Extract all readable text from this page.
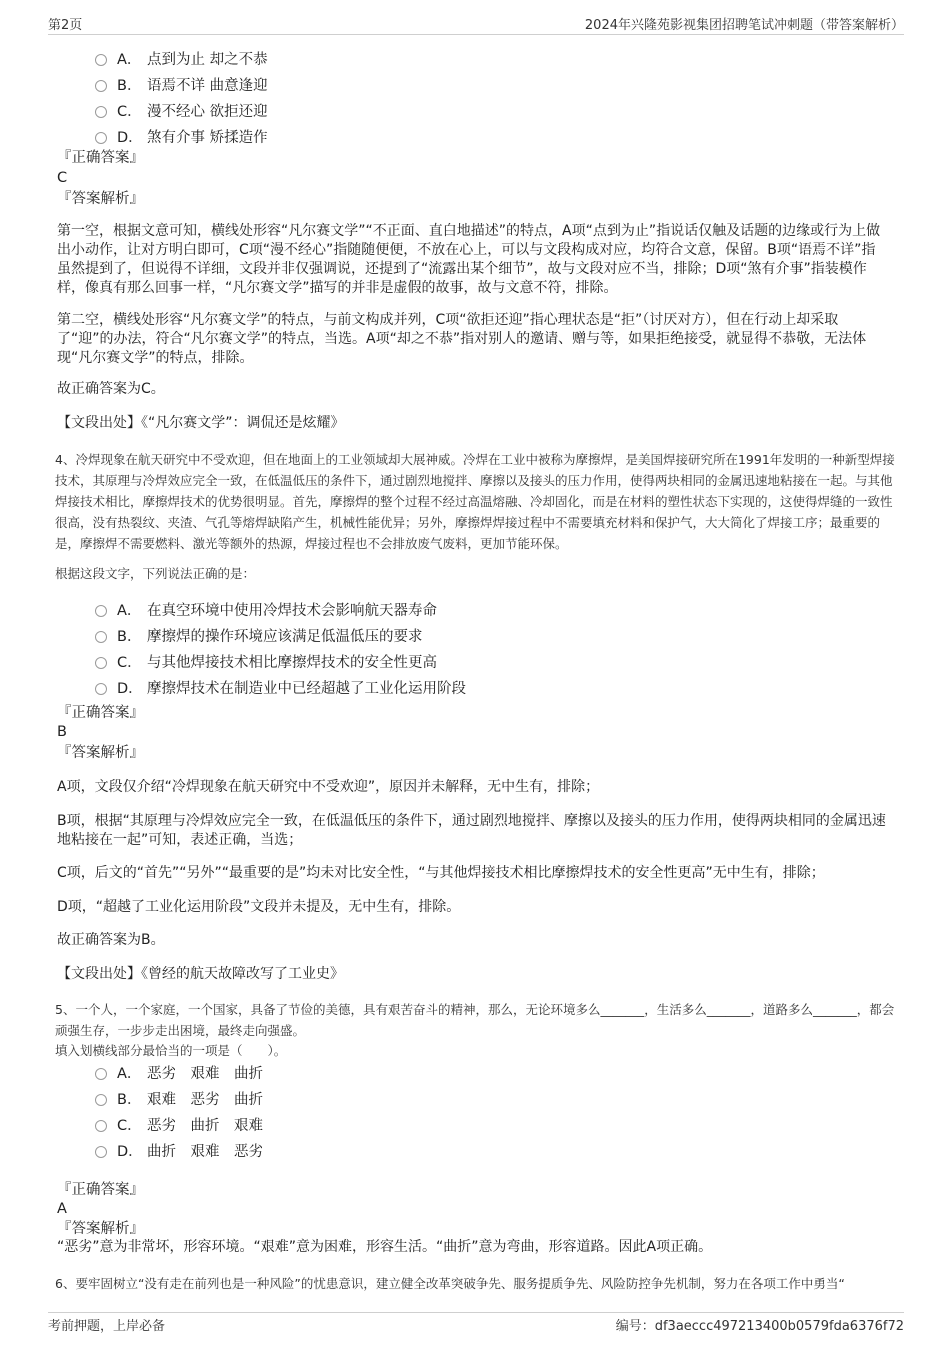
第2页	2024年兴隆苑影视集团招聘笔试冲刺题（带答案解析）
A． 点到为止 却之不恭
B． 语焉不详 曲意逢迎
C． 漫不经心 欲拒还迎
D． 煞有介事 矫揉造作
『正确答案』
C
『答案解析』
第一空，根据文意可知，横线处形容“凡尔赛文学”“不正面、直白地描述”的特点，A项“点到为止”指说话仅触及话题的边缘或行为上做出小动作，让对方明白即可，C项“漫不经心”指随随便便，不放在心上，可以与文段构成对应，均符合文意，保留。B项“语焉不详”指虽然提到了，但说得不详细，文段并非仅强调说，还提到了“流露出某个细节”，故与文段对应不当，排除；D项“煞有介事”指装模作样，像真有那么回事一样，“凡尔赛文学”描写的并非是虚假的故事，故与文意不符，排除。
第二空，横线处形容“凡尔赛文学”的特点，与前文构成并列，C项“欲拒还迎”指心理状态是“拒”（讨厌对方），但在行动上却采取了“迎”的办法，符合“凡尔赛文学”的特点，当选。A项“却之不恭”指对别人的邀请、赠与等，如果拒绝接受，就显得不恭敬，无法体现“凡尔赛文学”的特点，排除。
故正确答案为C。
【文段出处】《“凡尔赛文学”：调侃还是炫耀》
4、冷焊现象在航天研究中不受欢迎，但在地面上的工业领域却大展神威。冷焊在工业中被称为摩擦焊，是美国焊接研究所在1991年发明的一种新型焊接技术，其原理与冷焊效应完全一致，在低温低压的条件下，通过剧烈地搅拌、摩擦以及接头的压力作用，使得两块相同的金属迅速地粘接在一起。与其他焊接技术相比，摩擦焊技术的优势很明显。首先，摩擦焊的整个过程不经过高温熔融、冷却固化，而是在材料的塑性状态下实现的，这使得焊缝的一致性很高，没有热裂纹、夹渣、气孔等熔焊缺陷产生，机械性能优异；另外，摩擦焊焊接过程中不需要填充材料和保护气，大大简化了焊接工序；最重要的是，摩擦焊不需要燃料、激光等额外的热源，焊接过程也不会排放废气废料，更加节能环保。
根据这段文字，下列说法正确的是：
A． 在真空环境中使用冷焊技术会影响航天器寿命
B． 摩擦焊的操作环境应该满足低温低压的要求
C． 与其他焊接技术相比摩擦焊技术的安全性更高
D． 摩擦焊技术在制造业中已经超越了工业化运用阶段
『正确答案』
B
『答案解析』
A项，文段仅介绍“冷焊现象在航天研究中不受欢迎”，原因并未解释，无中生有，排除；
B项，根据“其原理与冷焊效应完全一致，在低温低压的条件下，通过剧烈地搅拌、摩擦以及接头的压力作用，使得两块相同的金属迅速地粘接在一起”可知，表述正确，当选；
C项，后文的“首先”“另外”“最重要的是”均未对比安全性，“与其他焊接技术相比摩擦焊技术的安全性更高”无中生有，排除；
D项，“超越了工业化运用阶段”文段并未提及，无中生有，排除。
故正确答案为B。
【文段出处】《曾经的航天故障改写了工业史》
5、一个人，一个家庭，一个国家，具备了节俭的美德，具有艰苦奋斗的精神，那么，无论环境多么_______，生活多么_______，道路多么_______，都会顽强生存，一步步走出困境，最终走向强盛。
填入划横线部分最恰当的一项是（　　）。
A． 恶劣　艰难　曲折
B． 艰难　恶劣　曲折
C． 恶劣　曲折　艰难
D． 曲折　艰难　恶劣
『正确答案』
A
『答案解析』
“恶劣”意为非常坏，形容环境。“艰难”意为困难，形容生活。“曲折”意为弯曲，形容道路。因此A项正确。
6、要牢固树立“没有走在前列也是一种风险”的忧患意识，建立健全改革突破争先、服务提质争先、风险防控争先机制，努力在各项工作中勇当“
考前押题，上岸必备	编号：df3aeccc497213400b0579fda6376f72
